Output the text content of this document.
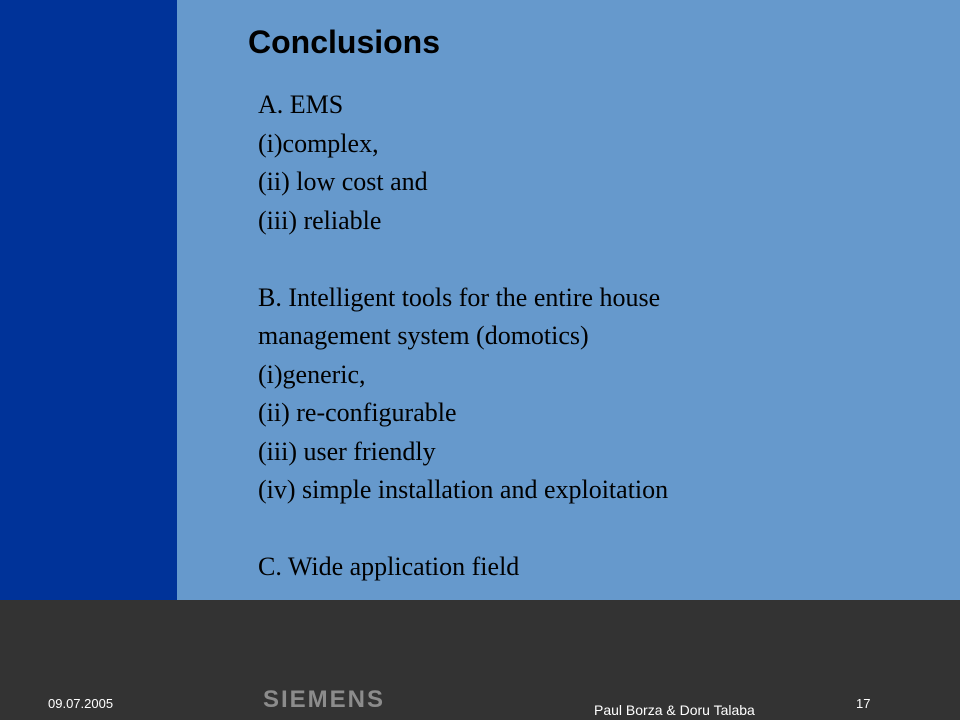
Conclusions
A. EMS
(i)complex,
(ii) low cost and
(iii) reliable
B. Intelligent tools for the entire house
management system (domotics)
(i)generic,
(ii) re-configurable
(iii) user friendly
(iv) simple installation and exploitation
C. Wide application field
09.07.2005	SIEMENS	Paul Borza & Doru Talaba	17
